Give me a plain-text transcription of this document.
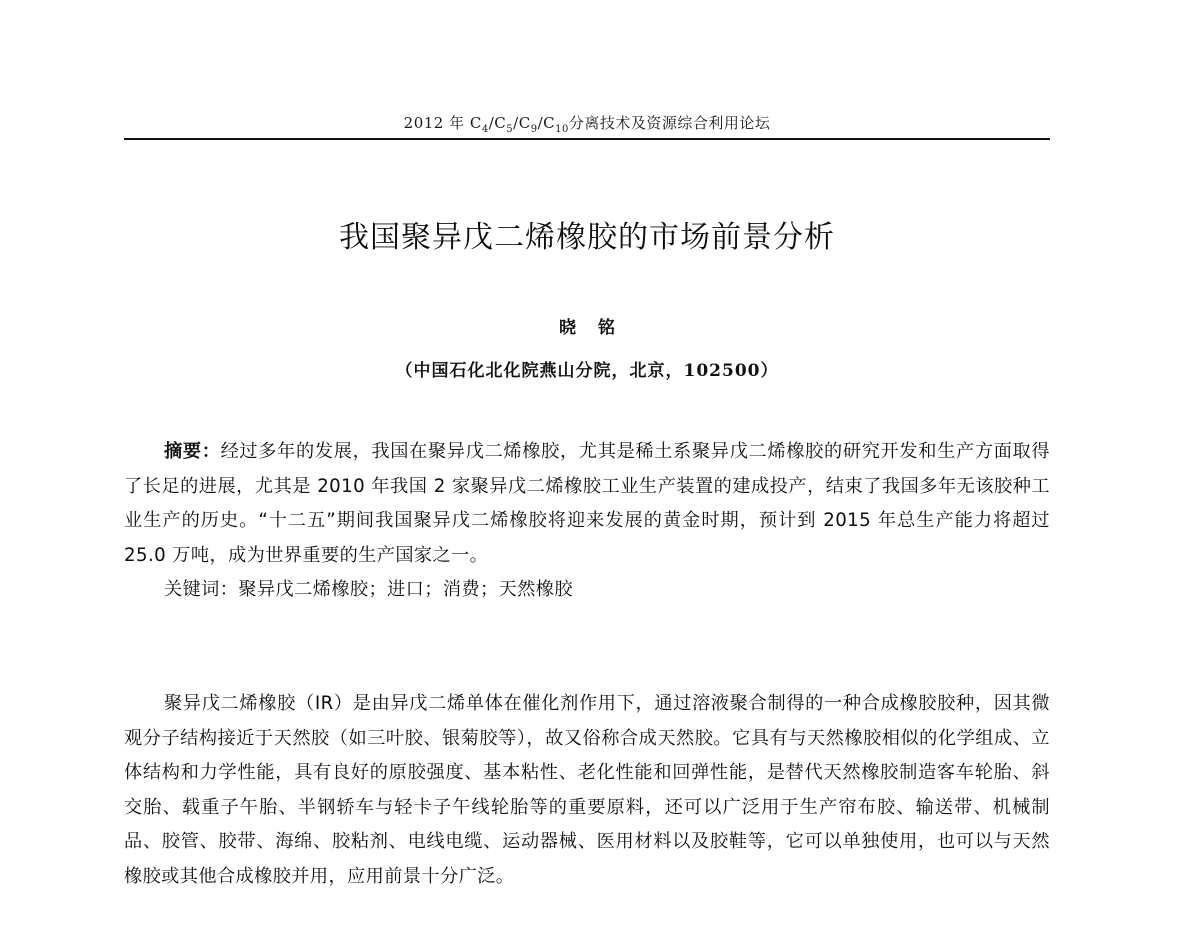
2012 年 $C_4/C_5/C_9/C_{10}$分离技术及资源综合利用论坛
我国聚异戊二烯橡胶的市场前景分析
晓铭
（中国石化北化院燕山分院，北京，102500）

摘要：经过多年的发展，我国在聚异戊二烯橡胶，尤其是稀土系聚异戊二烯橡胶的研究开发和生产方面取得了长足的进展，尤其是 2010 年我国 2 家聚异戊二烯橡胶工业生产装置的建成投产，结束了我国多年无该胶种工业生产的历史。“十二五”期间我国聚异戊二烯橡胶将迎来发展的黄金时期，预计到 2015 年总生产能力将超过 25.0 万吨，成为世界重要的生产国家之一。

关键词：聚异戊二烯橡胶；进口；消费；天然橡胶

聚异戊二烯橡胶（IR）是由异戊二烯单体在催化剂作用下，通过溶液聚合制得的一种合成橡胶胶种，因其微观分子结构接近于天然胶（如三叶胶、银菊胶等），故又俗称合成天然胶。它具有与天然橡胶相似的化学组成、立体结构和力学性能，具有良好的原胶强度、基本粘性、老化性能和回弹性能，是替代天然橡胶制造客车轮胎、斜交胎、载重子午胎、半钢轿车与轻卡子午线轮胎等的重要原料，还可以广泛用于生产帘布胶、输送带、机械制品、胶管、胶带、海绵、胶粘剂、电线电缆、运动器械、医用材料以及胶鞋等，它可以单独使用，也可以与天然橡胶或其他合成橡胶并用，应用前景十分广泛。
